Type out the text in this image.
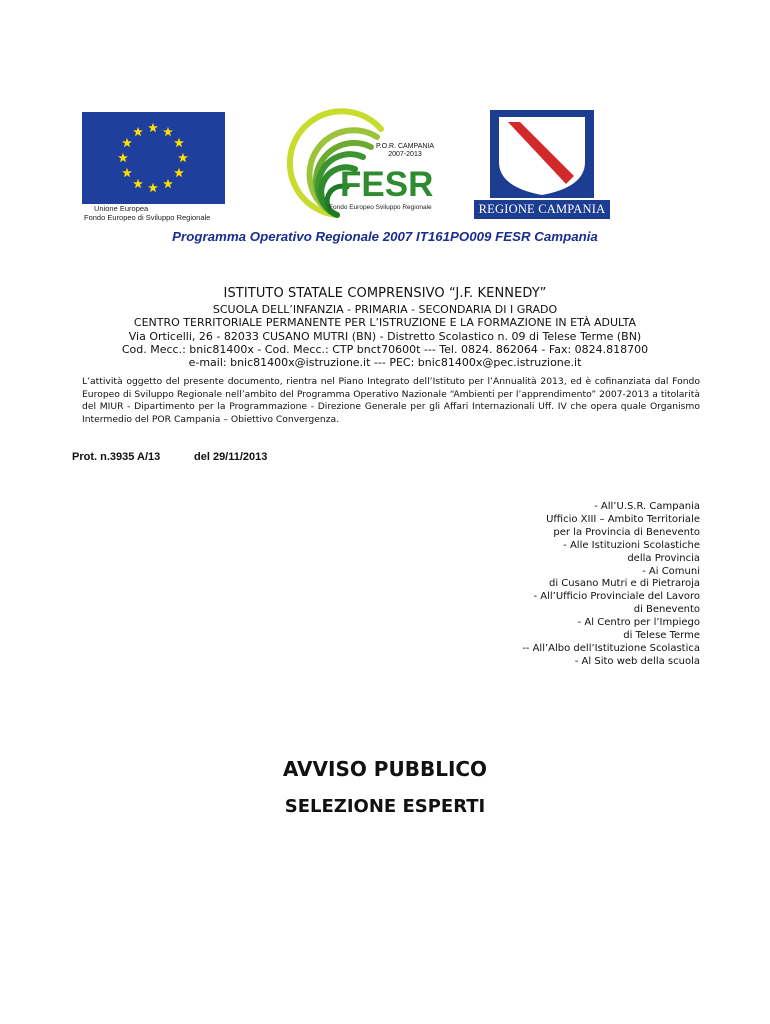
Unione Europea
Fondo Europeo di Sviluppo Regionale
P.O.R. CAMPANIA
2007-2013
FESR
Fondo Europeo Sviluppo Regionale	REGIONE CAMPANIA
Programma Operativo Regionale 2007 IT161PO009 FESR Campania
ISTITUTO STATALE COMPRENSIVO “J.F. KENNEDY”
SCUOLA DELL’INFANZIA - PRIMARIA - SECONDARIA DI I GRADO
CENTRO TERRITORIALE PERMANENTE PER L’ISTRUZIONE E LA FORMAZIONE IN ETÀ ADULTA
Via Orticelli, 26 - 82033 CUSANO MUTRI (BN) - Distretto Scolastico n. 09 di Telese Terme (BN)
Cod. Mecc.: bnic81400x - Cod. Mecc.: CTP bnct70600t --- Tel. 0824. 862064 - Fax: 0824.818700
e-mail: bnic81400x@istruzione.it --- PEC: bnic81400x@pec.istruzione.it
L’attività oggetto del presente documento, rientra nel Piano Integrato dell’Istituto per l’Annualità 2013, ed è cofinanziata dal Fondo Europeo di Sviluppo Regionale nell’ambito del Programma Operativo Nazionale “Ambienti per l’apprendimento” 2007-2013 a titolarità del MIUR - Dipartimento per la Programmazione - Direzione Generale per gli Affari Internazionali Uff. IV che opera quale Organismo Intermedio del POR Campania – Obiettivo Convergenza.
Prot. n.3935 A/13	del 29/11/2013
- All’U.S.R. Campania
Ufficio XIII – Ambito Territoriale
per la Provincia di Benevento
- Alle Istituzioni Scolastiche
della Provincia
- Ai Comuni
di Cusano Mutri e di Pietraroja
- All’Ufficio Provinciale del Lavoro
di Benevento
- Al Centro per l’Impiego
di Telese Terme
-- All’Albo dell’Istituzione Scolastica
- Al Sito web della scuola
AVVISO PUBBLICO
SELEZIONE ESPERTI
